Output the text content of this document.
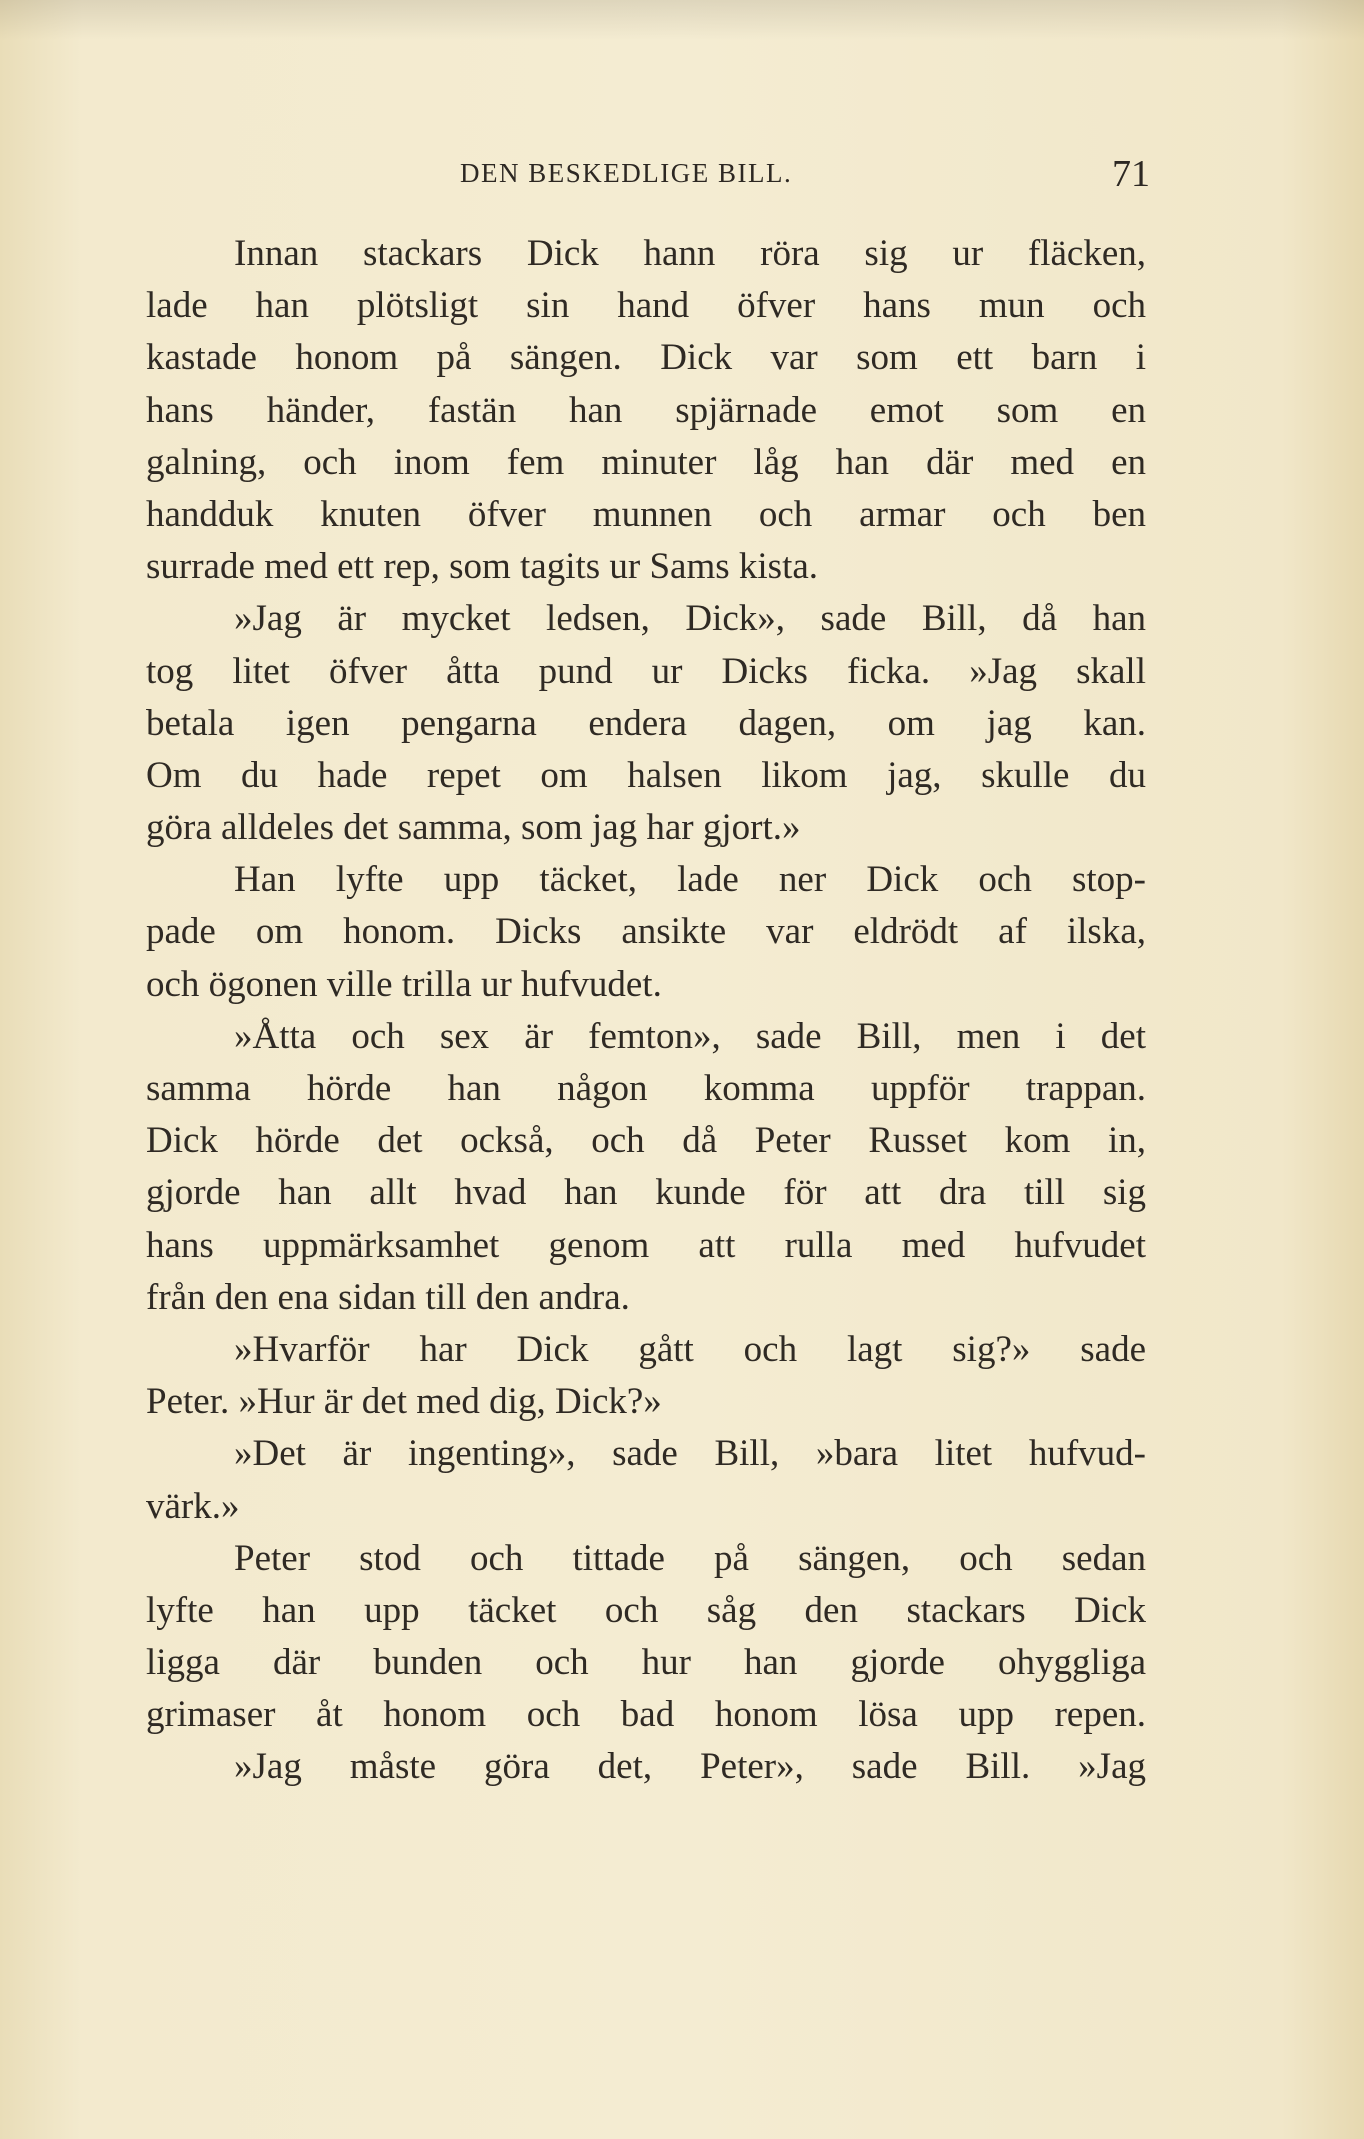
DEN BESKEDLIGE BILL.	71
Innan stackars Dick hann röra sig ur fläcken,
lade han plötsligt sin hand öfver hans mun och
kastade honom på sängen. Dick var som ett barn i
hans händer, fastän han spjärnade emot som en
galning, och inom fem minuter låg han där med en
handduk knuten öfver munnen och armar och ben
surrade med ett rep, som tagits ur Sams kista.
»Jag är mycket ledsen, Dick», sade Bill, då han
tog litet öfver åtta pund ur Dicks ficka. »Jag skall
betala igen pengarna endera dagen, om jag kan.
Om du hade repet om halsen likom jag, skulle du
göra alldeles det samma, som jag har gjort.»
Han lyfte upp täcket, lade ner Dick och stop-
pade om honom. Dicks ansikte var eldrödt af ilska,
och ögonen ville trilla ur hufvudet.
»Åtta och sex är femton», sade Bill, men i det
samma hörde han någon komma uppför trappan.
Dick hörde det också, och då Peter Russet kom in,
gjorde han allt hvad han kunde för att dra till sig
hans uppmärksamhet genom att rulla med hufvudet
från den ena sidan till den andra.
»Hvarför har Dick gått och lagt sig?» sade
Peter. »Hur är det med dig, Dick?»
»Det är ingenting», sade Bill, »bara litet hufvud-
värk.»
Peter stod och tittade på sängen, och sedan
lyfte han upp täcket och såg den stackars Dick
ligga där bunden och hur han gjorde ohyggliga
grimaser åt honom och bad honom lösa upp repen.
»Jag måste göra det, Peter», sade Bill. »Jag
